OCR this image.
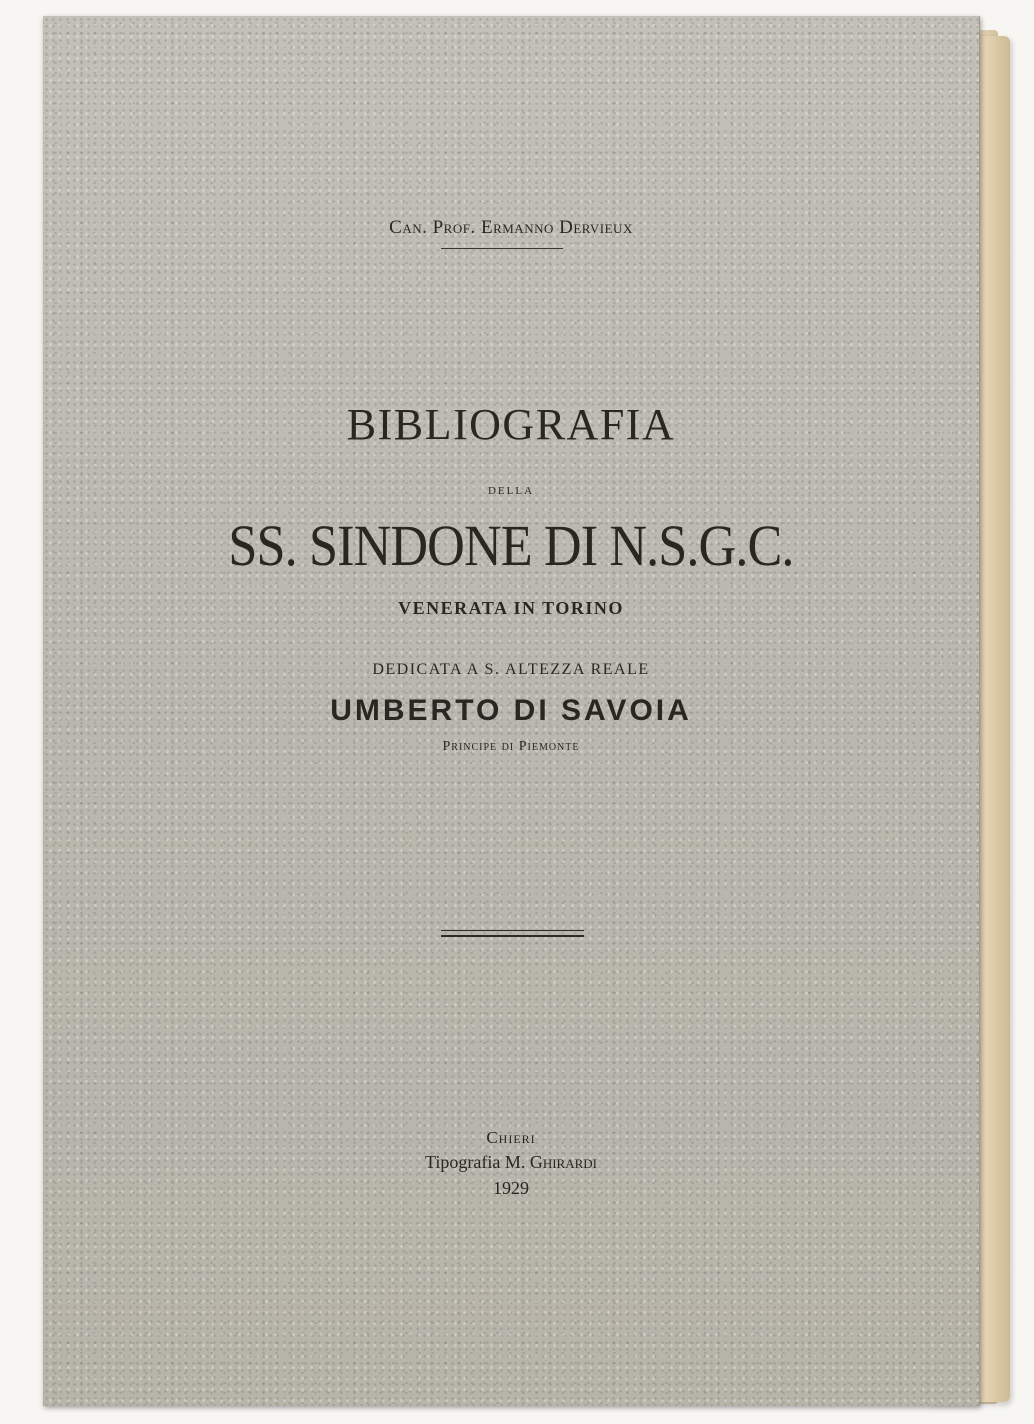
Can. Prof. Ermanno Dervieux
BIBLIOGRAFIA
della
SS. SINDONE DI N.S.G.C.
VENERATA IN TORINO
DEDICATA A S. ALTEZZA REALE
UMBERTO DI SAVOIA
Principe di Piemonte
Chieri
Tipografia M. Ghirardi
1929
